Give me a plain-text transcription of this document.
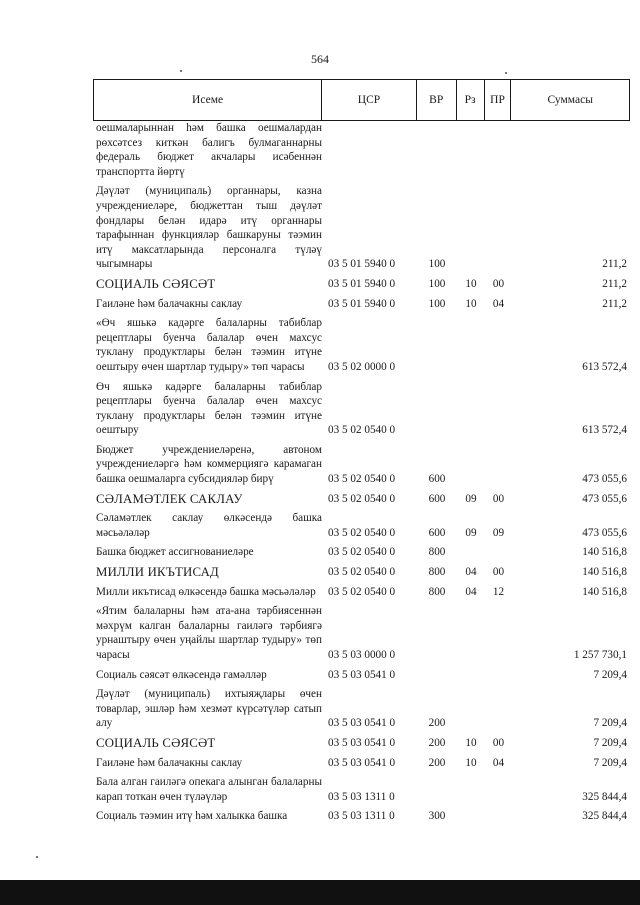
564
Исеме	ЦСР	ВР	Рз	ПР	Суммасы
оешмаларыннан һәм башка оешмалардан рөхсәтсез киткән балигъ булмаганнарны федераль бюджет акчалары исәбеннән транспортта йөртү
Дәүләт (муниципаль) органнары, казна учреждениеләре, бюджеттан тыш дәүләт фондлары белән идарә итү органнары тарафыннан функцияләр башкаруны тәэмин итү максатларында персоналга түләү чыгымнары	03 5 01 5940 0	100	211,2
СОЦИАЛЬ СӘЯСӘТ	03 5 01 5940 0	100	10	00	211,2
Гаиләне һәм балачакны саклау	03 5 01 5940 0	100	10	04	211,2
«Өч яшькә кадәрге балаларны табиблар рецептлары буенча балалар өчен махсус туклану продуктлары белән тәэмин итүне оештыру өчен шартлар тудыру» төп чарасы	03 5 02 0000 0	613 572,4
Өч яшькә кадәрге балаларны табиблар рецептлары буенча балалар өчен махсус туклану продуктлары белән тәэмин итүне оештыру	03 5 02 0540 0	613 572,4
Бюджет учреждениеләренә, автоном учреждениеләргә һәм коммерциягә карамаган башка оешмаларга субсидияләр бирү	03 5 02 0540 0	600	473 055,6
СӘЛАМӘТЛЕК САКЛАУ	03 5 02 0540 0	600	09	00	473 055,6
Сәламәтлек саклау өлкәсендә башка мәсьәләләр	03 5 02 0540 0	600	09	09	473 055,6
Башка бюджет ассигнованиеләре	03 5 02 0540 0	800	140 516,8
МИЛЛИ ИКЪТИСАД	03 5 02 0540 0	800	04	00	140 516,8
Милли икътисад өлкәсендә башка мәсьәләләр	03 5 02 0540 0	800	04	12	140 516,8
«Ятим балаларны һәм ата-ана тәрбиясеннән мәхрүм калган балаларны гаиләгә тәрбиягә урнаштыру өчен уңайлы шартлар тудыру» төп чарасы	03 5 03 0000 0	1 257 730,1
Социаль сәясәт өлкәсендә гамәлләр	03 5 03 0541 0	7 209,4
Дәүләт (муниципаль) ихтыяҗлары өчен товарлар, эшләр һәм хезмәт күрсәтүләр сатып алу	03 5 03 0541 0	200	7 209,4
СОЦИАЛЬ СӘЯСӘТ	03 5 03 0541 0	200	10	00	7 209,4
Гаиләне һәм балачакны саклау	03 5 03 0541 0	200	10	04	7 209,4
Бала алган гаиләгә опекага алынган балаларны карап тоткан өчен түләүләр	03 5 03 1311 0	325 844,4
Социаль тәэмин итү һәм халыкка башка	03 5 03 1311 0	300	325 844,4
